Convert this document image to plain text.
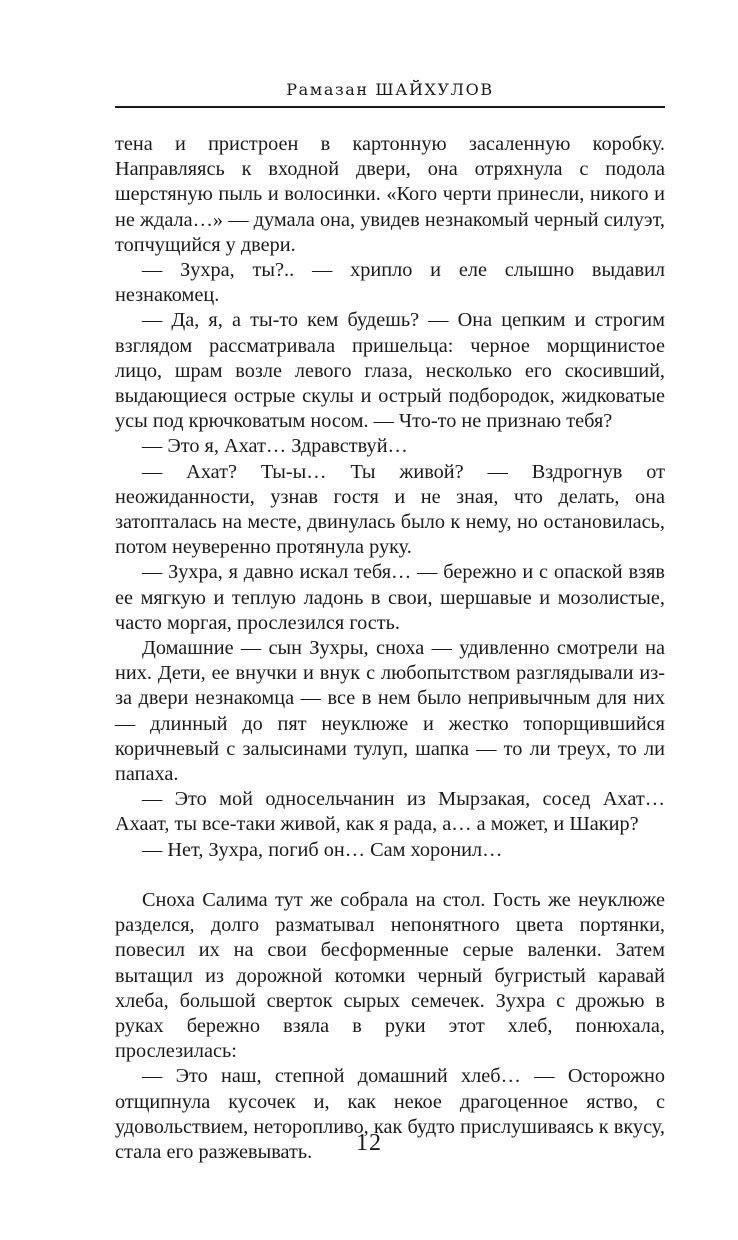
Рамазан ШАЙХУЛОВ

тена и пристроен в картонную засаленную коробку. Направляясь к входной двери, она отряхнула с подола шерстяную пыль и волосинки. «Кого черти принесли, никого и не ждала…» — думала она, увидев незнакомый черный силуэт, топчущийся у двери.

— Зухра, ты?.. — хрипло и еле слышно выдавил незнакомец.

— Да, я, а ты-то кем будешь? — Она цепким и строгим взглядом рассматривала пришельца: черное морщинистое лицо, шрам возле левого глаза, несколько его скосивший, выдающиеся острые скулы и острый подбородок, жидковатые усы под крючковатым носом. — Что-то не признаю тебя?

— Это я, Ахат… Здравствуй…

— Ахат? Ты-ы… Ты живой? — Вздрогнув от неожиданности, узнав гостя и не зная, что делать, она затопталась на месте, двинулась было к нему, но остановилась, потом неуверенно протянула руку.

— Зухра, я давно искал тебя… — бережно и с опаской взяв ее мягкую и теплую ладонь в свои, шершавые и мозолистые, часто моргая, прослезился гость.

Домашние — сын Зухры, сноха — удивленно смотрели на них. Дети, ее внучки и внук с любопытством разглядывали из-за двери незнакомца — все в нем было непривычным для них — длинный до пят неуклюже и жестко топорщившийся коричневый с залысинами тулуп, шапка — то ли треух, то ли папаха.

— Это мой односельчанин из Мырзакая, сосед Ахат… Ахаат, ты все-таки живой, как я рада, а… а может, и Шакир?

— Нет, Зухра, погиб он… Сам хоронил…

Сноха Салима тут же собрала на стол. Гость же неуклюже разделся, долго разматывал непонятного цвета портянки, повесил их на свои бесформенные серые валенки. Затем вытащил из дорожной котомки черный бугристый каравай хлеба, большой сверток сырых семечек. Зухра с дрожью в руках бережно взяла в руки этот хлеб, понюхала, прослезилась:

— Это наш, степной домашний хлеб… — Осторожно отщипнула кусочек и, как некое драгоценное яство, с удовольствием, неторопливо, как будто прислушиваясь к вкусу, стала его разжевывать.	12
